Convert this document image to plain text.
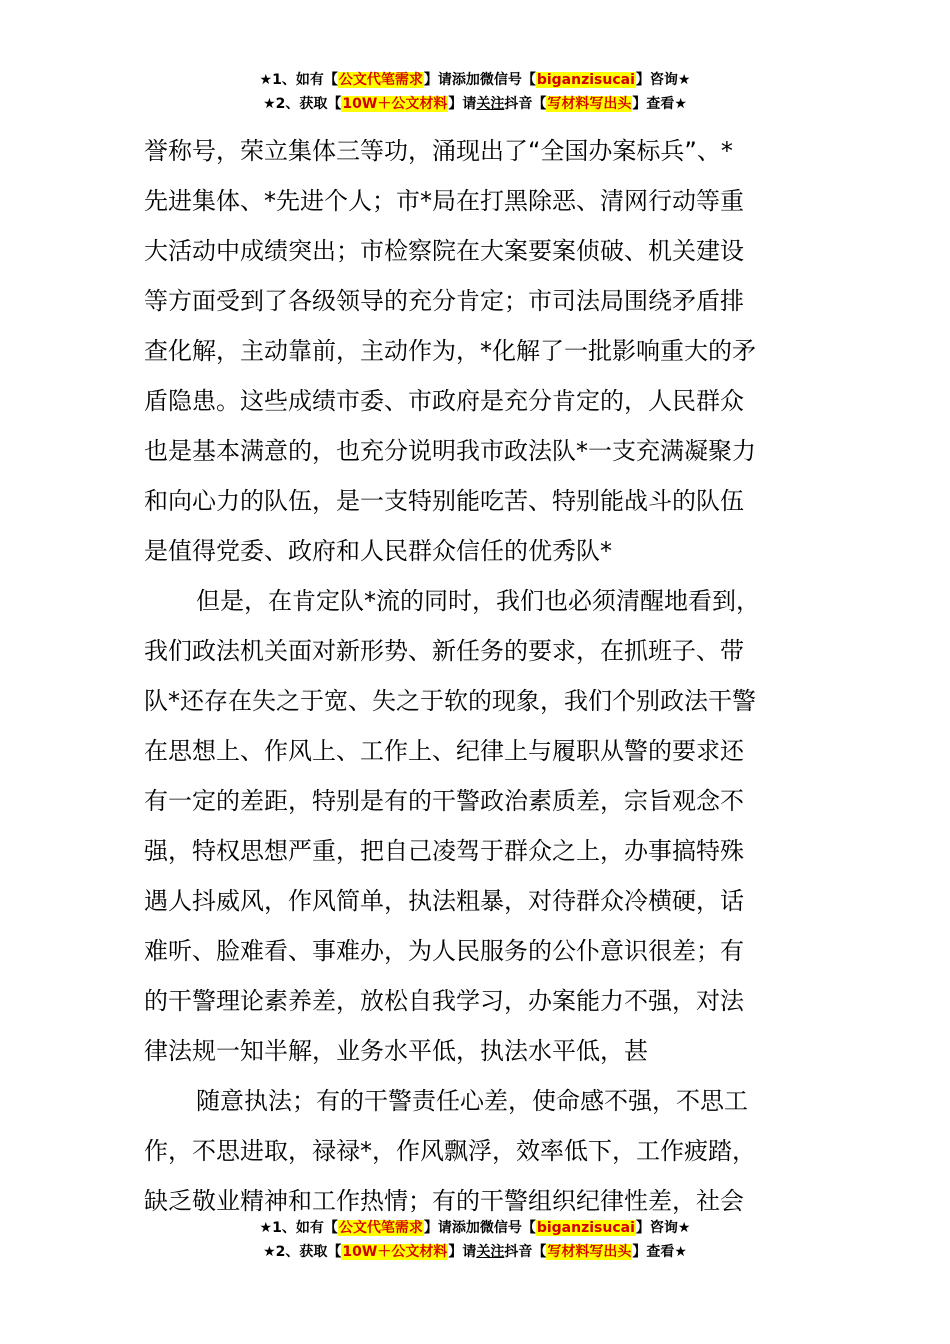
★1、如有【公文代笔需求】请添加微信号【biganzisucai】咨询★
★2、获取【10W＋公文材料】请关注抖音【写材料写出头】查看★
誉称号，荣立集体三等功，涌现出了“全国办案标兵”、*
先进集体、*先进个人；市*局在打黑除恶、清网行动等重
大活动中成绩突出；市检察院在大案要案侦破、机关建设
等方面受到了各级领导的充分肯定；市司法局围绕矛盾排
查化解，主动靠前，主动作为，*化解了一批影响重大的矛
盾隐患。这些成绩市委、市政府是充分肯定的，人民群众
也是基本满意的，也充分说明我市政法队*一支充满凝聚力
和向心力的队伍，是一支特别能吃苦、特别能战斗的队伍
是值得党委、政府和人民群众信任的优秀队*
但是，在肯定队*流的同时，我们也必须清醒地看到，
我们政法机关面对新形势、新任务的要求，在抓班子、带
队*还存在失之于宽、失之于软的现象，我们个别政法干警
在思想上、作风上、工作上、纪律上与履职从警的要求还
有一定的差距，特别是有的干警政治素质差，宗旨观念不
强，特权思想严重，把自己凌驾于群众之上，办事搞特殊
遇人抖威风，作风简单，执法粗暴，对待群众冷横硬，话
难听、脸难看、事难办，为人民服务的公仆意识很差；有
的干警理论素养差，放松自我学习，办案能力不强，对法
律法规一知半解，业务水平低，执法水平低，甚
随意执法；有的干警责任心差，使命感不强，不思工
作，不思进取，禄禄*，作风飘浮，效率低下，工作疲踏，
缺乏敬业精神和工作热情；有的干警组织纪律性差，社会
★1、如有【公文代笔需求】请添加微信号【biganzisucai】咨询★
★2、获取【10W＋公文材料】请关注抖音【写材料写出头】查看★
